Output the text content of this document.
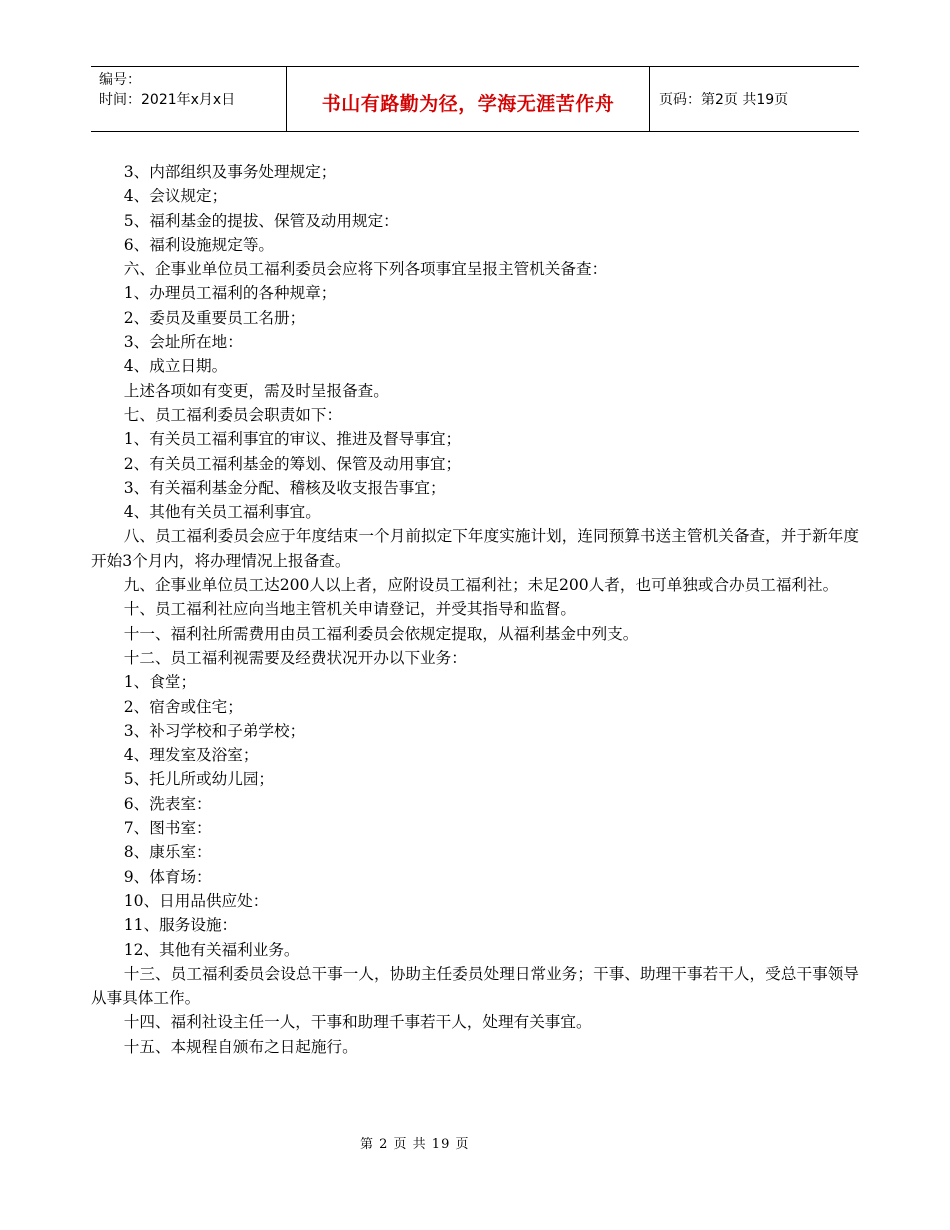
编号：
时间：2021年x月x日	书山有路勤为径，学海无涯苦作舟	页码：第2页 共19页

3、内部组织及事务处理规定；

4、会议规定；

5、福利基金的提拔、保管及动用规定：

6、福利设施规定等。

六、企事业单位员工福利委员会应将下列各项事宜呈报主管机关备查：

1、办理员工福利的各种规章；

2、委员及重要员工名册；

3、会址所在地：

4、成立日期。

上述各项如有变更，需及时呈报备查。

七、员工福利委员会职责如下：

1、有关员工福利事宜的审议、推进及督导事宜；

2、有关员工福利基金的筹划、保管及动用事宜；

3、有关福利基金分配、稽核及收支报告事宜；

4、其他有关员工福利事宜。

八、员工福利委员会应于年度结束一个月前拟定下年度实施计划，连同预算书送主管机关备查，并于新年度开始3个月内，将办理情况上报备查。

九、企事业单位员工达200人以上者，应附设员工福利社；未足200人者，也可单独或合办员工福利社。

十、员工福利社应向当地主管机关申请登记，并受其指导和监督。

十一、福利社所需费用由员工福利委员会依规定提取，从福利基金中列支。

十二、员工福利视需要及经费状况开办以下业务：

1、食堂；

2、宿舍或住宅；

3、补习学校和子弟学校；

4、理发室及浴室；

5、托儿所或幼儿园；

6、洗表室：

7、图书室：

8、康乐室：

9、体育场：

10、日用品供应处：

11、服务设施：

12、其他有关福利业务。

十三、员工福利委员会设总干事一人，协助主任委员处理日常业务；干事、助理干事若干人，受总干事领导从事具体工作。

十四、福利社设主任一人，干事和助理千事若干人，处理有关事宜。

十五、本规程自颁布之日起施行。

第 2 页 共 19 页
